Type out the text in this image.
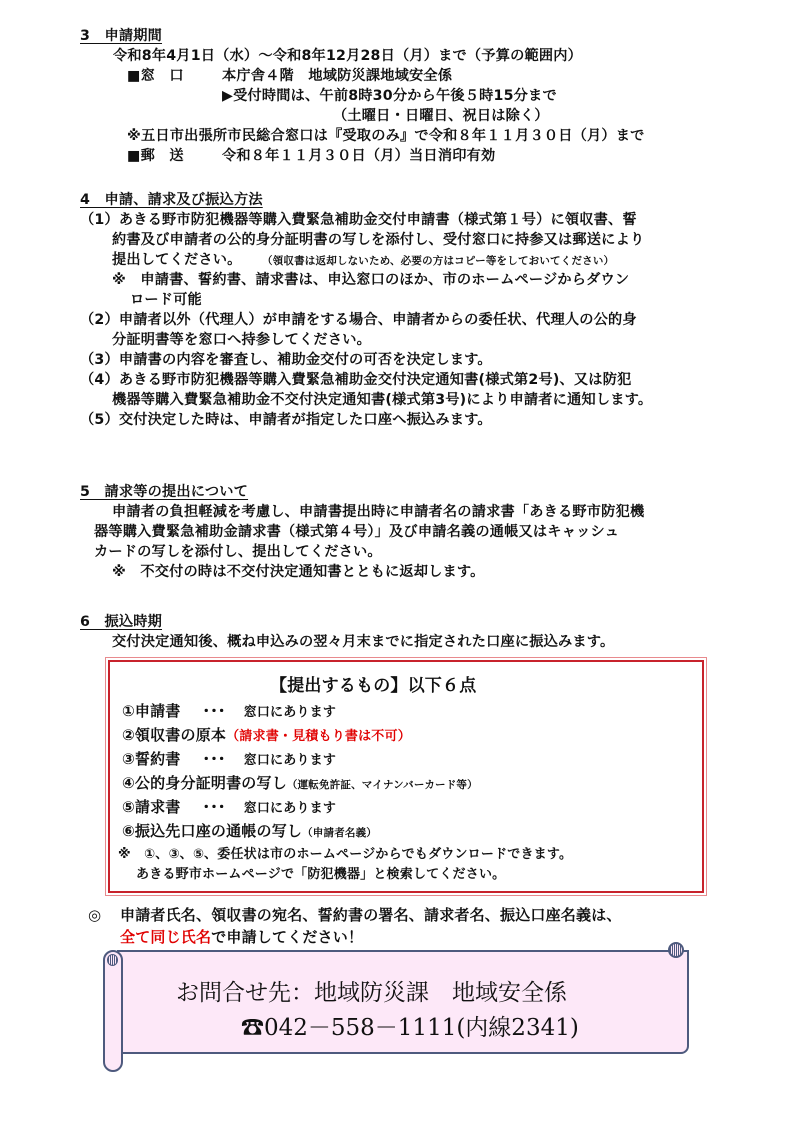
3　申請期間
令和8年4月1日（水）～令和8年12月28日（月）まで（予算の範囲内）
■窓　口	本庁舎４階　地域防災課地域安全係
▶受付時間は、午前8時30分から午後５時15分まで
（土曜日・日曜日、祝日は除く）
※五日市出張所市民総合窓口は『受取のみ』で令和８年１１月３０日（月）まで
■郵　送	令和８年１１月３０日（月）当日消印有効
4　申請、請求及び振込方法
（1）あきる野市防犯機器等購入費緊急補助金交付申請書（様式第１号）に領収書、誓
約書及び申請者の公的身分証明書の写しを添付し、受付窓口に持参又は郵送により
提出してください。 （領収書は返却しないため、必要の方はコピー等をしておいてください）
※　申請書、誓約書、請求書は、申込窓口のほか、市のホームページからダウン
ロード可能
（2）申請者以外（代理人）が申請をする場合、申請者からの委任状、代理人の公的身
分証明書等を窓口へ持参してください。
（3）申請書の内容を審査し、補助金交付の可否を決定します。
（4）あきる野市防犯機器等購入費緊急補助金交付決定通知書(様式第2号)、又は防犯
機器等購入費緊急補助金不交付決定通知書(様式第3号)により申請者に通知します。
（5）交付決定した時は、申請者が指定した口座へ振込みます。
5　請求等の提出について
申請者の負担軽減を考慮し、申請書提出時に申請者名の請求書「あきる野市防犯機
器等購入費緊急補助金請求書（様式第４号）」及び申請名義の通帳又はキャッシュ
カードの写しを添付し、提出してください。
※　不交付の時は不交付決定通知書とともに返却します。
6　振込時期
交付決定通知後、概ね申込みの翌々月末までに指定された口座に振込みます。
【提出するもの】以下６点
①申請書 ･･･ 窓口にあります
②領収書の原本（請求書・見積もり書は不可）
③誓約書 ･･･ 窓口にあります
④公的身分証明書の写し（運転免許証、マイナンバーカード等）
⑤請求書 ･･･ 窓口にあります
⑥振込先口座の通帳の写し（申請者名義）
※　①、③、⑤、委任状は市のホームページからでもダウンロードできます。
あきる野市ホームページで「防犯機器」と検索してください。
◎ 申請者氏名、領収書の宛名、誓約書の署名、請求者名、振込口座名義は、
全て同じ氏名で申請してください！
お問合せ先：地域防災課　地域安全係
☎042－558－1111(内線2341)
